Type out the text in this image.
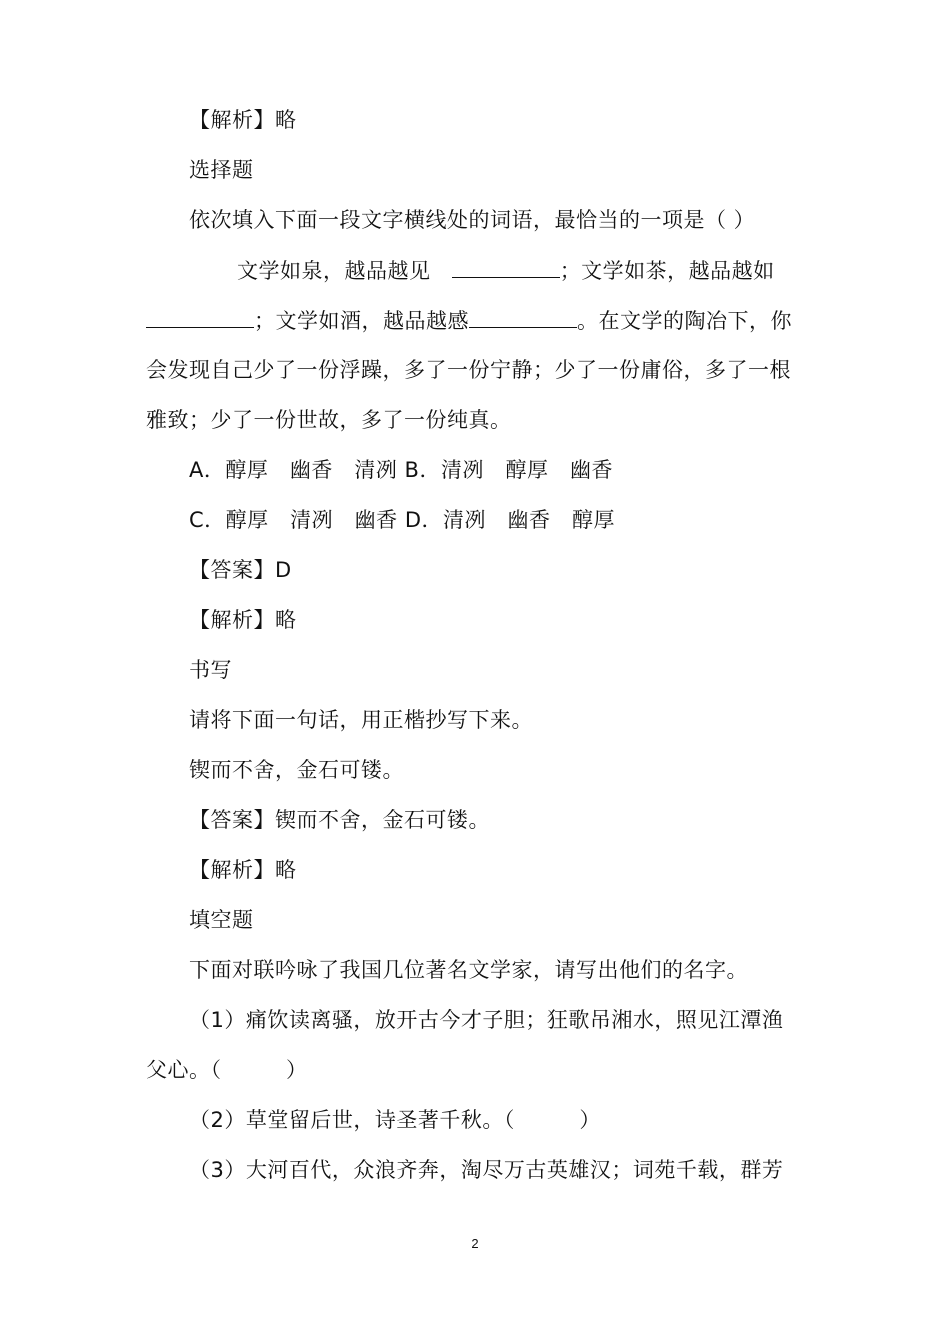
【解析】略
选择题
依次填入下面一段文字横线处的词语，最恰当的一项是（ ）
文学如泉，越品越见	；文学如茶，越品越如
；文学如酒，越品越感	。在文学的陶冶下，你
会发现自己少了一份浮躁，多了一份宁静；少了一份庸俗，多了一根
雅致；少了一份世故，多了一份纯真。
A．醇厚　幽香　清冽 B．清冽　醇厚　幽香
C．醇厚　清冽　幽香 D．清冽　幽香　醇厚
【答案】D
【解析】略
书写
请将下面一句话，用正楷抄写下来。
锲而不舍，金石可镂。
【答案】锲而不舍，金石可镂。
【解析】略
填空题
下面对联吟咏了我国几位著名文学家，请写出他们的名字。
（1）痛饮读离骚，放开古今才子胆；狂歌吊湘水，照见江潭渔
父心。（　　　）
（2）草堂留后世，诗圣著千秋。（　　　）
（3）大河百代，众浪齐奔，淘尽万古英雄汉；词苑千载，群芳
2
